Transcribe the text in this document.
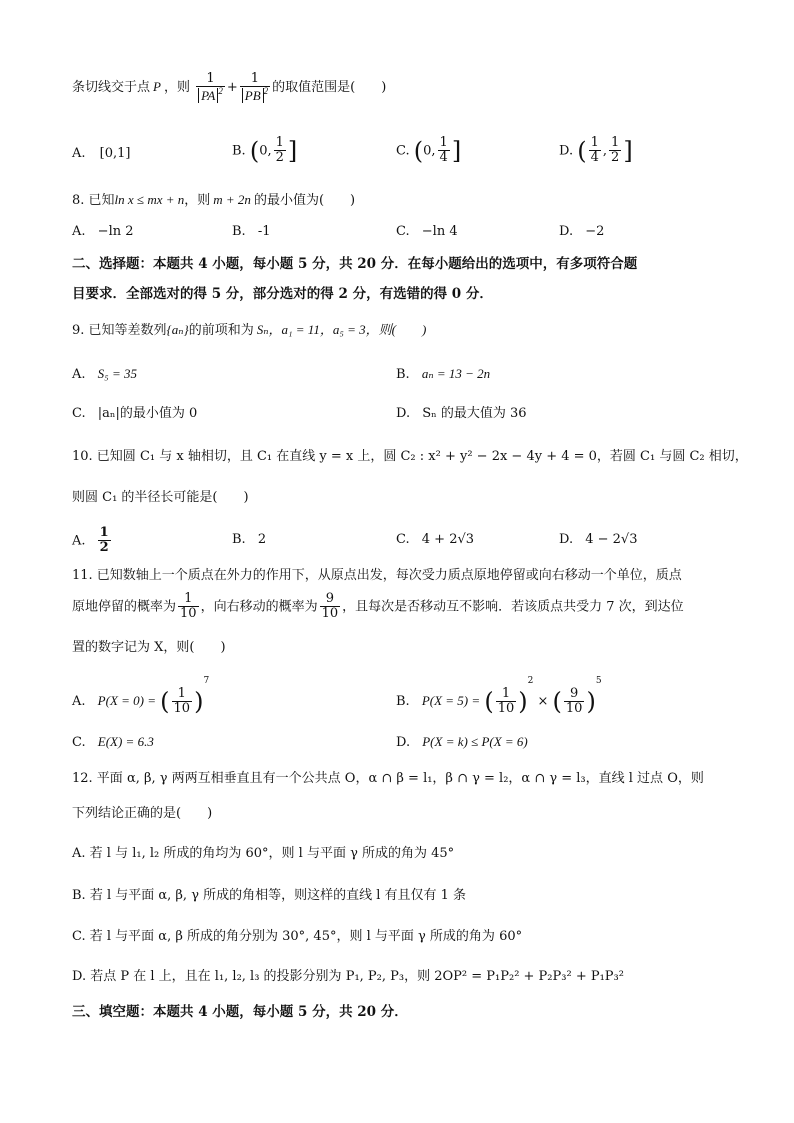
条切线交于点 P ，则 $\frac{1}{PA ^2} + \frac{1}{PB ^2}$ 的取值范围是(　　)
A. [0,1]	B. (0, $\frac{1}{2}$ ]	C. (0, $\frac{1}{4}$ ]	D. ( $\frac{1}{4}$ , $\frac{1}{2}$ ]
8. 已知ln x ≤ mx + n，则 m + 2n 的最小值为(　　)
A. −ln 2	B. -1	C. −ln 4	D. −2
二、选择题：本题共 4 小题，每小题 5 分，共 20 分．在每小题给出的选项中，有多项符合题
目要求．全部选对的得 5 分，部分选对的得 2 分，有选错的得 0 分．
9. 已知等差数列{aₙ}的前项和为 Sₙ，a₁ = 11，a₅ = 3，则(　　)
A. S₅ = 35	B. aₙ = 13 − 2n
C. |aₙ|的最小值为 0	D. Sₙ 的最大值为 36
10. 已知圆 C₁ 与 x 轴相切，且 C₁ 在直线 y = x 上，圆 C₂ : x² + y² − 2x − 4y + 4 = 0，若圆 C₁ 与圆 C₂ 相切，
则圆 C₁ 的半径长可能是(　　)
A. $\frac{1}{2}$	B. 2	C. 4 + 2√3	D. 4 − 2√3
11. 已知数轴上一个质点在外力的作用下，从原点出发，每次受力质点原地停留或向右移动一个单位，质点
原地停留的概率为 $\frac{1}{10}$ ，向右移动的概率为 $\frac{9}{10}$ ，且每次是否移动互不影响．若该质点共受力 7 次，到达位
置的数字记为 X，则(　　)
A. P(X = 0) = ( $\frac{1}{10} )^7$
B. P(X = 5) = ( $\frac{1}{10} )^2$ × ( $\frac{9}{10} )^5$
C. E(X) = 6.3	D. P(X = k) ≤ P(X = 6)
12. 平面 α, β, γ 两两互相垂直且有一个公共点 O，α ∩ β = l₁，β ∩ γ = l₂，α ∩ γ = l₃，直线 l 过点 O，则
下列结论正确的是(　　)
A. 若 l 与 l₁, l₂ 所成的角均为 60°，则 l 与平面 γ 所成的角为 45°
B. 若 l 与平面 α, β, γ 所成的角相等，则这样的直线 l 有且仅有 1 条
C. 若 l 与平面 α, β 所成的角分别为 30°, 45°，则 l 与平面 γ 所成的角为 60°
D. 若点 P 在 l 上，且在 l₁, l₂, l₃ 的投影分别为 P₁, P₂, P₃，则 2OP² = P₁P₂² + P₂P₃² + P₁P₃²
三、填空题：本题共 4 小题，每小题 5 分，共 20 分．
